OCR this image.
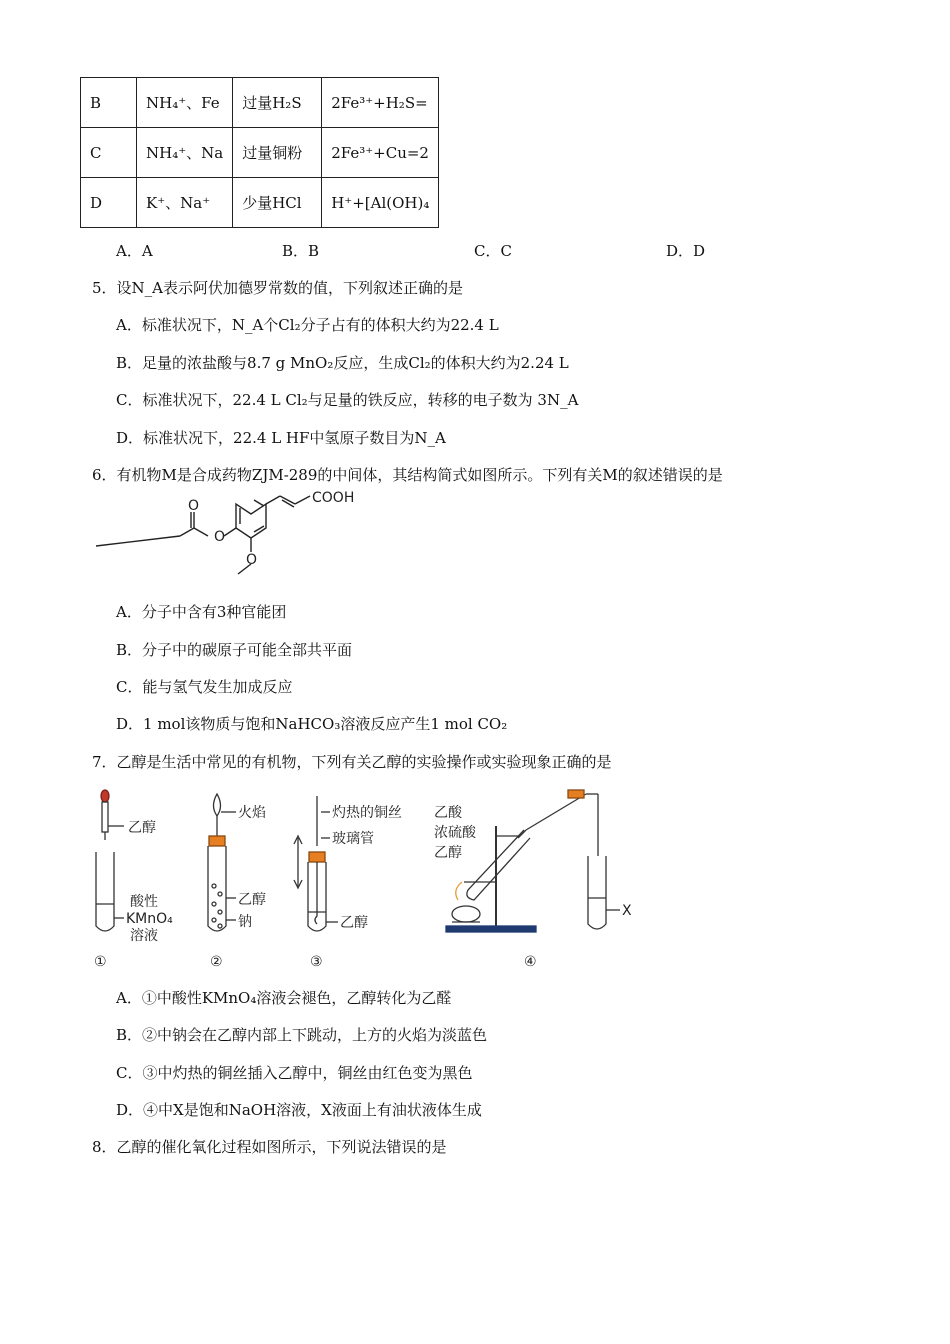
B	NH₄⁺、Fe	过量H₂S	2Fe³⁺+H₂S=
C	NH₄⁺、Na	过量铜粉	2Fe³⁺+Cu=2
D	K⁺、Na⁺	少量HCl	H⁺+[Al(OH)₄
A．A	B．B	C．C	D．D
5．设N_A表示阿伏加德罗常数的值，下列叙述正确的是
A．标准状况下，N_A个Cl₂分子占有的体积大约为22.4 L
B．足量的浓盐酸与8.7 g MnO₂反应，生成Cl₂的体积大约为2.24 L
C．标准状况下，22.4 L Cl₂与足量的铁反应，转移的电子数为 3N_A
D．标准状况下，22.4 L HF中氢原子数目为N_A
6．有机物M是合成药物ZJM-289的中间体，其结构简式如图所示。下列有关M的叙述错误的是
O
O
O
COOH
A．分子中含有3种官能团
B．分子中的碳原子可能全部共平面
C．能与氢气发生加成反应
D．1 mol该物质与饱和NaHCO₃溶液反应产生1 mol CO₂
7．乙醇是生活中常见的有机物，下列有关乙醇的实验操作或实验现象正确的是
乙醇
酸性
KMnO₄
溶液
火焰
乙醇
钠
灼热的铜丝
玻璃管
乙醇
乙酸
浓硫酸
乙醇
X
①	②	③	④
A．①中酸性KMnO₄溶液会褪色，乙醇转化为乙醛
B．②中钠会在乙醇内部上下跳动，上方的火焰为淡蓝色
C．③中灼热的铜丝插入乙醇中，铜丝由红色变为黑色
D．④中X是饱和NaOH溶液，X液面上有油状液体生成
8．乙醇的催化氧化过程如图所示，下列说法错误的是
